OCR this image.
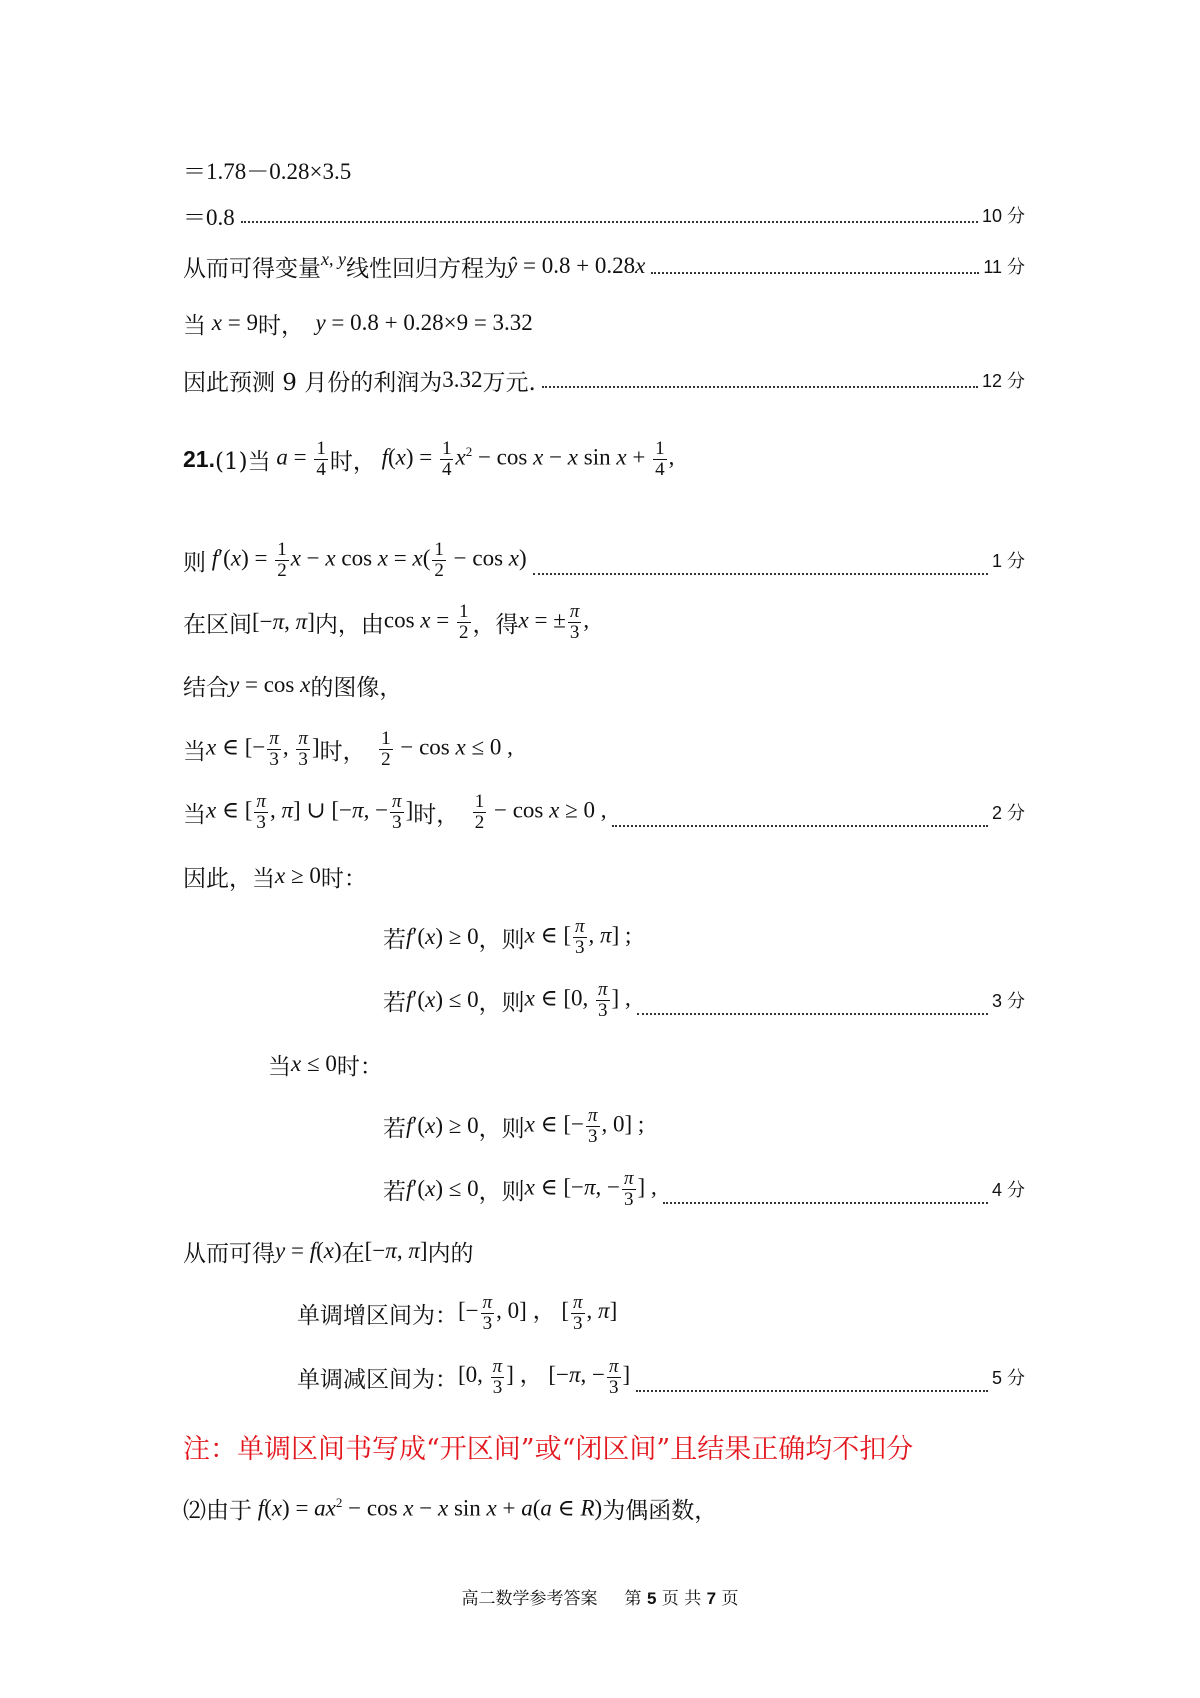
＝1.78－0.28×3.5
＝0.8	10 分
从而可得变量 x, y 线性回归方程为 ŷ = 0.8 + 0.28x	11 分
当 x = 9 时， y = 0.8 + 0.28×9 = 3.32
因此预测 9 月份的利润为 3.32 万元.	12 分
21. (1)当 $a = \frac{1}{4}$ 时， $f(x) = \frac{1}{4} x^2 - \cos x - x$ $\sin x + \frac{1}{4}$ ,
则 $f'(x) = \frac{1}{2}$ x − x $\cos x = x( \frac{1}{2} - \cos x)$	1 分
在区间 [−π, π] 内，由 $\cos x = \frac{1}{2}$ ，得 x = ± $\frac{\pi}{3}$ ,
结合 y = cos x 的图像，
当 x ∈ [− $\frac{\pi}{3}$ , $\frac{\pi}{3}$ ] 时，
$\frac{1}{2} - \cos x \le 0$ ,
当 x ∈ [ $\frac{\pi}{3}$ , π] ∪ [−π, − $\frac{\pi}{3}$ ] 时，
$\frac{1}{2} - \cos x \ge 0$ ,	2 分
因此，当 x ≥ 0 时：
若 f′(x) ≥ 0 ，则 x ∈ [ $\frac{\pi}{3}$ , π] ;
若 f′(x) ≤ 0 ，则 x ∈ [0, $\frac{\pi}{3}$ ] ,	3 分
当 x ≤ 0 时：
若 f′(x) ≥ 0 ，则 x ∈ [− $\frac{\pi}{3}$ , 0] ;
若 f′(x) ≤ 0 ，则 x ∈ [−π, − $\frac{\pi}{3}$ ] ,	4 分
从而可得 y = f(x) 在 [−π, π] 内的
单调增区间为： [− $\frac{\pi}{3}$ , 0] ， [ $\frac{\pi}{3}$ , π]
单调减区间为： [0, $\frac{\pi}{3}$ ] ， [−π, − $\frac{\pi}{3}$ ]	5 分
注：单调区间书写成“开区间”或“闭区间”且结果正确均不扣分
⑵由于 $f(x) = ax^2 - \cos x - x$ sin x + a(a ∈ R) 为偶函数，
高二数学参考答案 第 5 页 共 7 页
